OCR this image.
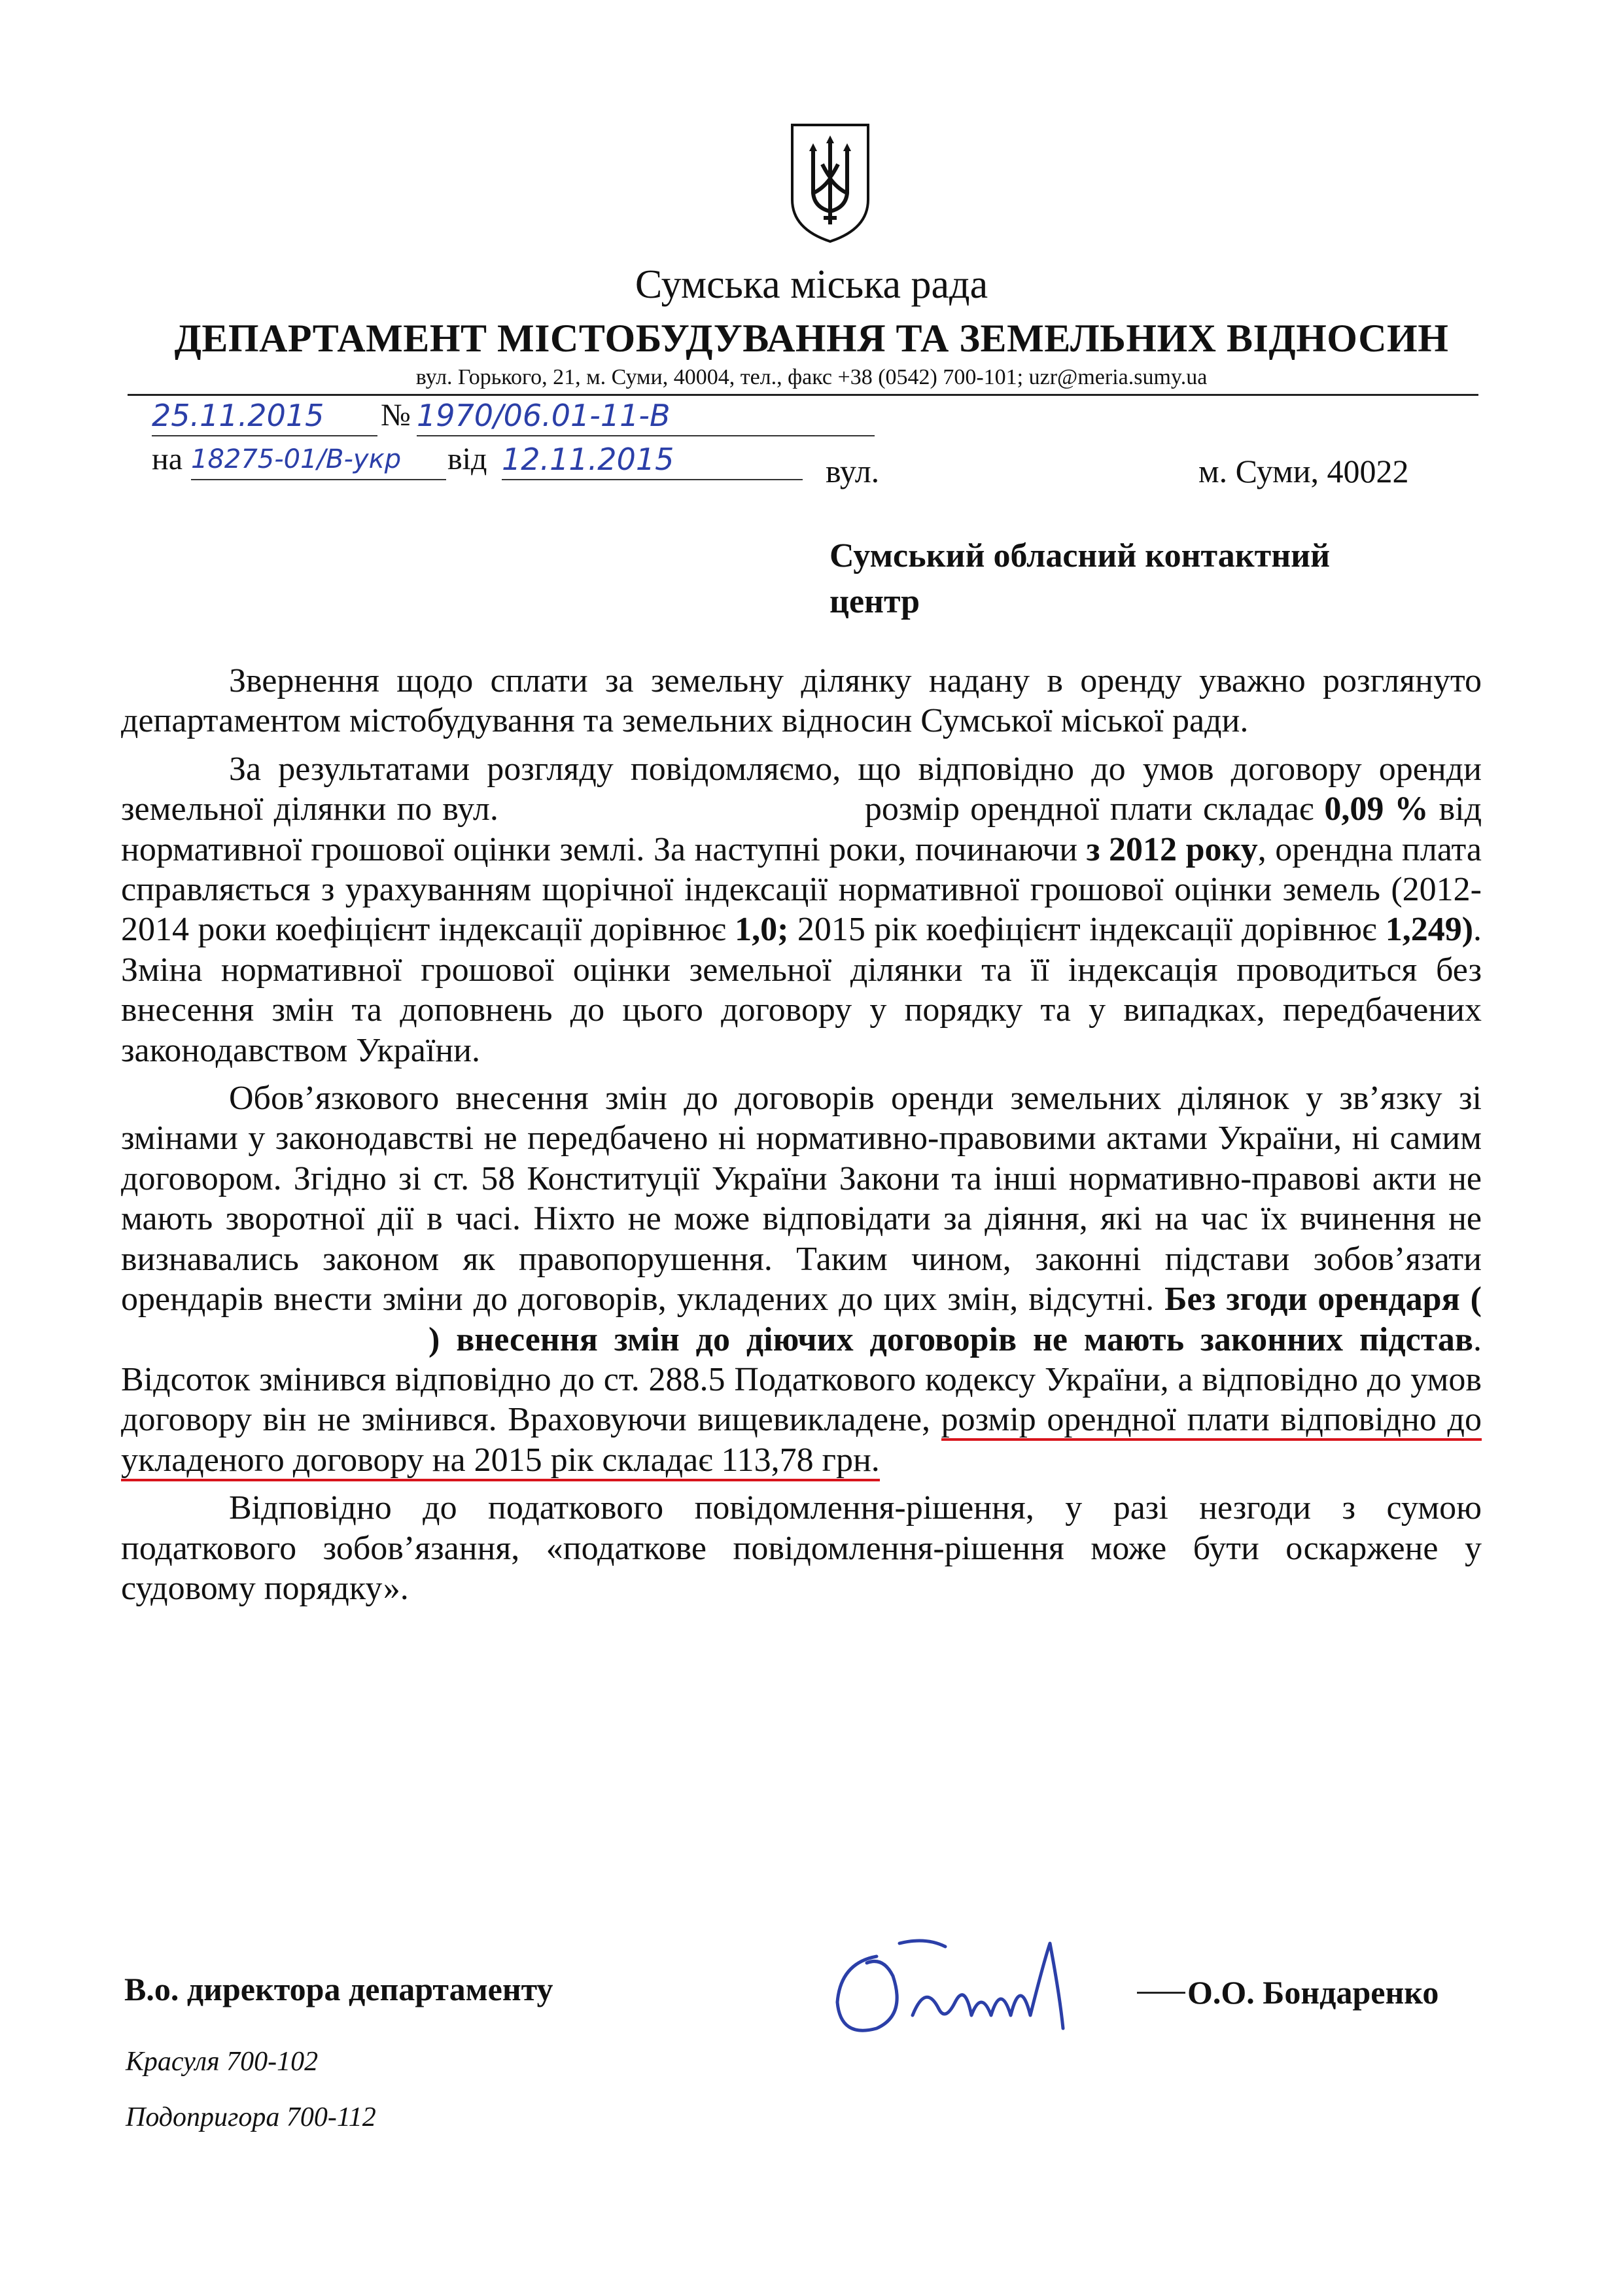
Сумська міська рада
ДЕПАРТАМЕНТ МІСТОБУДУВАННЯ ТА ЗЕМЕЛЬНИХ ВІДНОСИН
вул. Горького, 21, м. Суми, 40004, тел., факс +38 (0542) 700-101; uzr@meria.sumy.ua
25.11.2015	№ 1970/06.01-11-В
на 18275-01/В-укр	від 12.11.2015	вул.	м. Суми, 40022
Сумський обласний контактний центр

Звернення щодо сплати за земельну ділянку надану в оренду уважно розглянуто департаментом містобудування та земельних відносин Сумської міської ради.

За результатами розгляду повідомляємо, що відповідно до умов договору оренди земельної ділянки по вул.	розмір орендної плати складає 0,09 % від нормативної грошової оцінки землі. За наступні роки, починаючи з 2012 року, орендна плата справляється з урахуванням щорічної індексації нормативної грошової оцінки земель (2012-2014 роки коефіцієнт індексації дорівнює 1,0; 2015 рік коефіцієнт індексації дорівнює 1,249). Зміна нормативної грошової оцінки земельної ділянки та її індексація проводиться без внесення змін та доповнень до цього договору у порядку та у випадках, передбачених законодавством України.

Обов’язкового внесення змін до договорів оренди земельних ділянок у зв’язку зі змінами у законодавстві не передбачено ні нормативно-правовими актами України, ні самим договором. Згідно зі ст. 58 Конституції України Закони та інші нормативно-правові акти не мають зворотної дії в часі. Ніхто не може відповідати за діяння, які на час їх вчинення не визнавались законом як правопорушення. Таким чином, законні підстави зобов’язати орендарів внести зміни до договорів, укладених до цих змін, відсутні. Без згоди орендаря () внесення змін до діючих договорів не мають законних підстав. Відсоток змінився відповідно до ст. 288.5 Податкового кодексу України, а відповідно до умов договору він не змінився. Враховуючи вищевикладене, розмір орендної плати відповідно до укладеного договору на 2015 рік складає 113,78 грн.

Відповідно до податкового повідомлення-рішення, у разі незгоди з сумою податкового зобов’язання, «податкове повідомлення-рішення може бути оскаржене у судовому порядку».

В.о. директора департаменту	О.О. Бондаренко
Красуля 700-102
Подопригора 700-112
